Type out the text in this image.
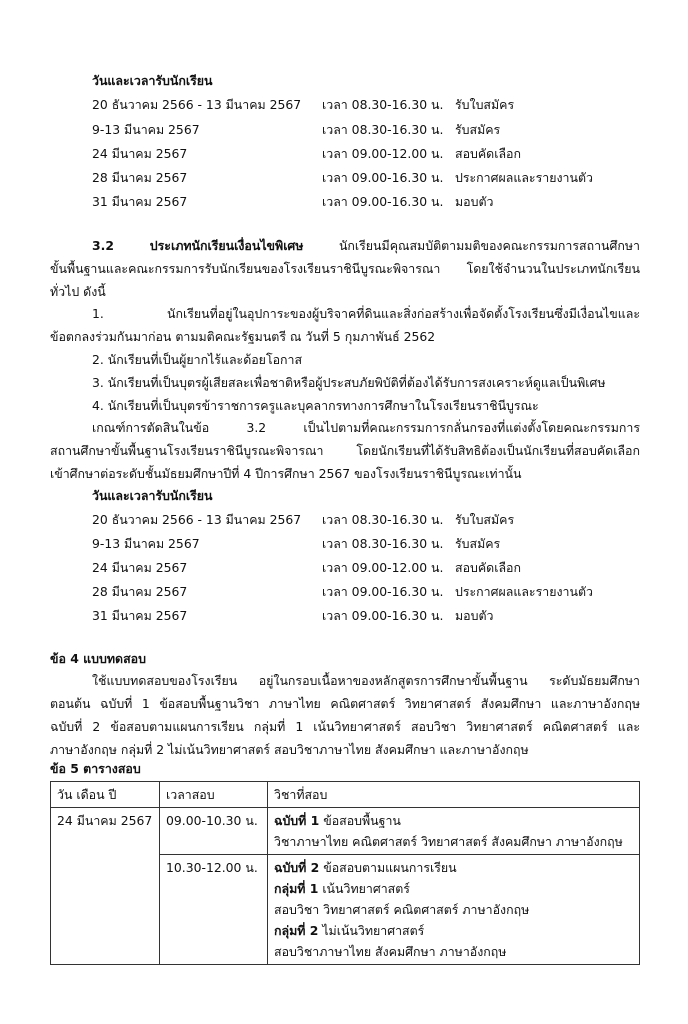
วันและเวลารับนักเรียน
20 ธันวาคม 2566 - 13 มีนาคม 2567 เวลา 08.30-16.30 น. รับใบสมัคร
9-13 มีนาคม 2567	เวลา 08.30-16.30 น. รับสมัคร
24 มีนาคม 2567	เวลา 09.00-12.00 น. สอบคัดเลือก
28 มีนาคม 2567	เวลา 09.00-16.30 น. ประกาศผลและรายงานตัว
31 มีนาคม 2567	เวลา 09.00-16.30 น. มอบตัว
3.2 ประเภทนักเรียนเงื่อนไขพิเศษ	นักเรียนมีคุณสมบัติตามมติของคณะกรรมการสถานศึกษา
ขั้นพื้นฐานและคณะกรรมการรับนักเรียนของโรงเรียนราชินีบูรณะพิจารณา โดยใช้จำนวนในประเภทนักเรียน
ทั่วไป ดังนี้
1. นักเรียนที่อยู่ในอุปการะของผู้บริจาคที่ดินและสิ่งก่อสร้างเพื่อจัดตั้งโรงเรียนซึ่งมีเงื่อนไขและ
ข้อตกลงร่วมกันมาก่อน ตามมติคณะรัฐมนตรี ณ วันที่ 5 กุมภาพันธ์ 2562
2. นักเรียนที่เป็นผู้ยากไร้และด้อยโอกาส
3. นักเรียนที่เป็นบุตรผู้เสียสละเพื่อชาติหรือผู้ประสบภัยพิบัติที่ต้องได้รับการสงเคราะห์ดูแลเป็นพิเศษ
4. นักเรียนที่เป็นบุตรข้าราชการครูและบุคลากรทางการศึกษาในโรงเรียนราชินีบูรณะ
เกณฑ์การตัดสินในข้อ 3.2 เป็นไปตามที่คณะกรรมการกลั่นกรองที่แต่งตั้งโดยคณะกรรมการ
สถานศึกษาขั้นพื้นฐานโรงเรียนราชินีบูรณะพิจารณา โดยนักเรียนที่ได้รับสิทธิต้องเป็นนักเรียนที่สอบคัดเลือก
เข้าศึกษาต่อระดับชั้นมัธยมศึกษาปีที่ 4 ปีการศึกษา 2567 ของโรงเรียนราชินีบูรณะเท่านั้น
วันและเวลารับนักเรียน
20 ธันวาคม 2566 - 13 มีนาคม 2567 เวลา 08.30-16.30 น. รับใบสมัคร
9-13 มีนาคม 2567	เวลา 08.30-16.30 น. รับสมัคร
24 มีนาคม 2567	เวลา 09.00-12.00 น. สอบคัดเลือก
28 มีนาคม 2567	เวลา 09.00-16.30 น. ประกาศผลและรายงานตัว
31 มีนาคม 2567	เวลา 09.00-16.30 น. มอบตัว
ข้อ 4 แบบทดสอบ
ใช้แบบทดสอบของโรงเรียน อยู่ในกรอบเนื้อหาของหลักสูตรการศึกษาขั้นพื้นฐาน ระดับมัธยมศึกษา
ตอนต้น ฉบับที่ 1 ข้อสอบพื้นฐานวิชา ภาษาไทย คณิตศาสตร์ วิทยาศาสตร์ สังคมศึกษา และภาษาอังกฤษ
ฉบับที่ 2 ข้อสอบตามแผนการเรียน กลุ่มที่ 1 เน้นวิทยาศาสตร์ สอบวิชา วิทยาศาสตร์ คณิตศาสตร์ และ
ภาษาอังกฤษ กลุ่มที่ 2 ไม่เน้นวิทยาศาสตร์ สอบวิชาภาษาไทย สังคมศึกษา และภาษาอังกฤษ
ข้อ 5 ตารางสอบ
วัน เดือน ปี	เวลาสอบ	วิชาที่สอบ
24 มีนาคม 2567	09.00-10.30 น.	ฉบับที่ 1 ข้อสอบพื้นฐาน
วิชาภาษาไทย คณิตศาสตร์ วิทยาศาสตร์ สังคมศึกษา ภาษาอังกฤษ

	10.30-12.00 น.	ฉบับที่ 2 ข้อสอบตามแผนการเรียน
กลุ่มที่ 1 เน้นวิทยาศาสตร์
สอบวิชา วิทยาศาสตร์ คณิตศาสตร์ ภาษาอังกฤษ
กลุ่มที่ 2 ไม่เน้นวิทยาศาสตร์
สอบวิชาภาษาไทย สังคมศึกษา ภาษาอังกฤษ
